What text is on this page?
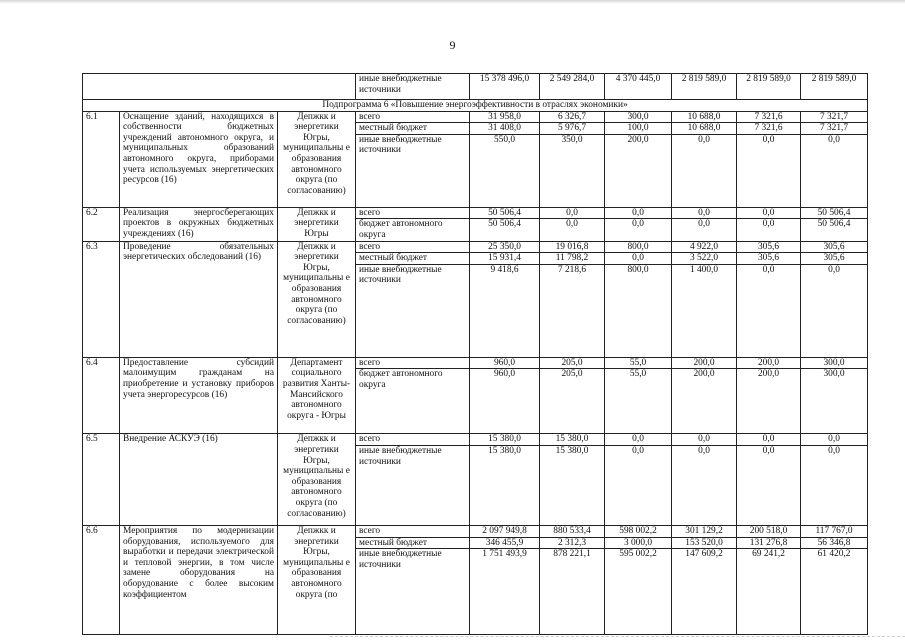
9
			иные внебюджетные источники	15 378 496,0	2 549 284,0	4 370 445,0	2 819 589,0	2 819 589,0	2 819 589,0
Подпрограмма 6 «Повышение энергоэффективности в отраслях экономики»									
6.1	Оснащение зданий, находящихся в собственности бюджетных учреждений автономного округа, и муниципальных образований автономного округа, приборами учета используемых энергетических ресурсов (16)	Депжкк и энергетики Югры, муниципальны е образования автономного округа (по согласованию)	всего	31 958,0	6 326,7	300,0	10 688,0	7 321,6	7 321,7
			местный бюджет	31 408,0	5 976,7	100,0	10 688,0	7 321,6	7 321,7
			иные внебюджетные источники	550,0	350,0	200,0	0,0	0,0	0,0
6.2	Реализация энергосберегающих проектов в окружных бюджетных учреждениях (16)	Депжкк и энергетики Югры	всего	50 506,4	0,0	0,0	0,0	0,0	50 506,4
			бюджет автономного округа	50 506,4	0,0	0,0	0,0	0,0	50 506,4
6.3	Проведение обязательных энергетических обследований (16)	Депжкк и энергетики Югры, муниципальны е образования автономного округа (по согласованию)	всего	25 350,0	19 016,8	800,0	4 922,0	305,6	305,6
			местный бюджет	15 931,4	11 798,2	0,0	3 522,0	305,6	305,6
			иные внебюджетные источники	9 418,6	7 218,6	800,0	1 400,0	0,0	0,0
6.4	Предоставление субсидий малоимущим гражданам на приобретение и установку приборов учета энергоресурсов (16)	Департамент социального развития Ханты-Мансийского автономного округа - Югры	всего	960,0	205,0	55,0	200,0	200,0	300,0
			бюджет автономного округа	960,0	205,0	55,0	200,0	200,0	300,0
6.5	Внедрение АСКУЭ (16)	Депжкк и энергетики Югры, муниципальны е образования автономного округа (по согласованию)	всего	15 380,0	15 380,0	0,0	0,0	0,0	0,0
			иные внебюджетные источники	15 380,0	15 380,0	0,0	0,0	0,0	0,0
6.6	Мероприятия по модернизации оборудования, используемого для выработки и передачи электрической и тепловой энергии, в том числе замене оборудования на оборудование с более высоким коэффициентом	Депжкк и энергетики Югры, муниципальны е образования автономного округа (по	всего	2 097 949,8	880 533,4	598 002,2	301 129,2	200 518,0	117 767,0
			местный бюджет	346 455,9	2 312,3	3 000,0	153 520,0	131 276,8	56 346,8
			иные внебюджетные источники	1 751 493,9	878 221,1	595 002,2	147 609,2	69 241,2	61 420,2
